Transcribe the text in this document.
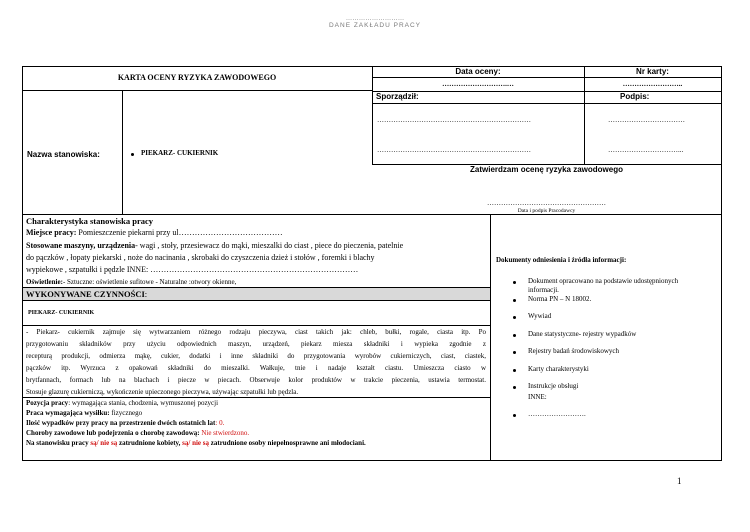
………………………
DANE ZAKŁADU PRACY
KARTA OCENY RYZYKA ZAWODOWEGO
Data oceny:
……………………….…
Nr karty:
……………………..
Sporządził:
…………………………………………………………
…………………………………………………………
Podpis:
……………………………
…………………………...
Zatwierdzam ocenę ryzyka zawodowego
……………………………………………
Data i podpis Pracodawcy
Nazwa stanowiska:	PIEKARZ- CUKIERNIK
Charakterystyka stanowiska pracy
Miejsce pracy: Pomieszczenie piekarni przy ul…………………………………
Stosowane maszyny, urządzenia- wagi , stoły, przesiewacz do mąki, mieszalki do ciast , piece do pieczenia, patelnie
do pączków , łopaty piekarski , noże do nacinania , skrobaki do czyszczenia dzież i stołów , foremki i blachy
wypiekowe , szpatułki i pędzle INNE: ……………………………………………………………………
Oświetlenie:- Sztuczne: oświetlenie sufitowe - Naturalne :otwory okienne,
WYKONYWANE CZYNNOŚCI:
PIEKARZ- CUKIERNIK
- Piekarz- cukiernik zajmuje się wytwarzaniem różnego rodzaju pieczywa, ciast takich jak: chleb, bułki, rogale, ciasta itp. Po
przygotowaniu składników przy użyciu odpowiednich maszyn, urządzeń, piekarz miesza składniki i wypieka zgodnie z
recepturą produkcji, odmierza mąkę, cukier, dodatki i inne składniki do przygotowania wyrobów cukierniczych, ciast, ciastek,
pączków itp. Wyrzuca z opakowań składniki do mieszalki. Wałkuje, tnie i nadaje kształt ciastu. Umieszcza ciasto w
brytfannach, formach lub na blachach i piecze w piecach. Obserwuje kolor produktów w trakcie pieczenia, ustawia termostat.
Stosuje glazurę cukierniczą, wykończenie upieczonego pieczywa, używając szpatułki lub pędzla.
Pozycja pracy: wymagająca stania, chodzenia, wymuszonej pozycji
Praca wymagająca wysiłku: fizycznego
Ilość wypadków przy pracy na przestrzenie dwóch ostatnich lat: 0.
Choroby zawodowe lub podejrzenia o chorobę zawodową: Nie stwierdzono.
Na stanowisku pracy są/ nie są zatrudnione kobiety, są/ nie są zatrudnione osoby niepełnosprawne ani młodociani.
Dokumenty odniesienia i źródła informacji:
Dokument opracowano na podstawie udostępnionych
informacji.
Norma PN – N 18002.
Wywiad
Dane statystyczne- rejestry wypadków
Rejestry badań środowiskowych
Karty charakterystyki
Instrukcje obsługi
INNE:
…………………….
1
